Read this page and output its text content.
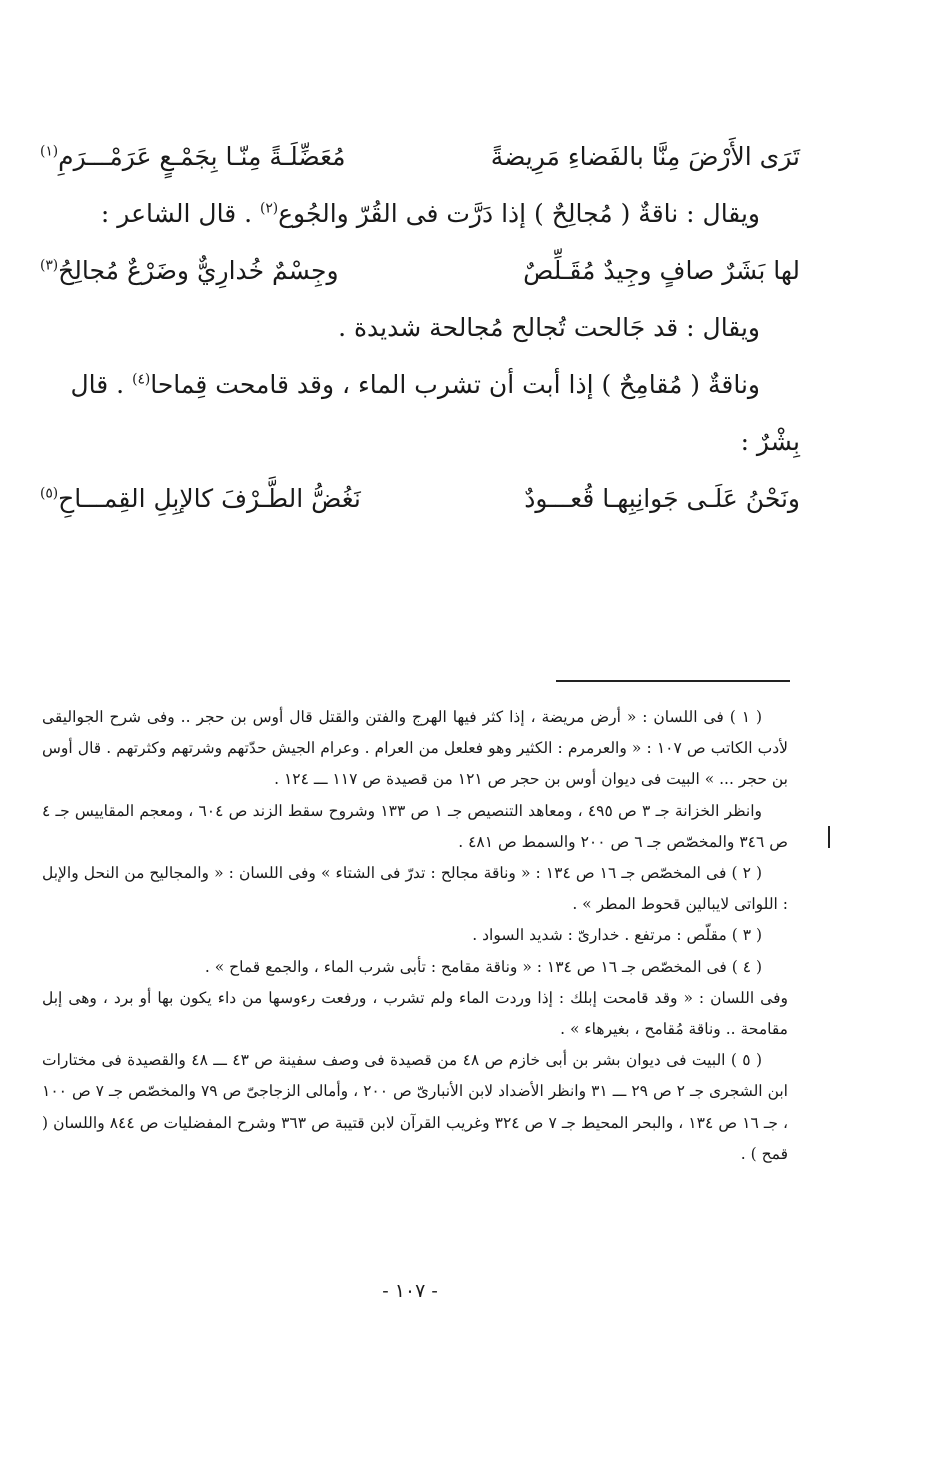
تَرَى الأَرْضَ مِنَّا بالفَضاءِ مَرِيضةً
مُعَضِّلَـةً مِنّـا بِجَمْـعٍ عَرَمْـــرَمِ$^{(١)}$
ويقال : ناقةٌ ( مُجالِحٌ ) إذا دَرَّت فى القُرّ والجُوع$^{(٢)}$ . قال الشاعر :
لها بَشَرٌ صافٍ وجِيدٌ مُقَـلِّصٌ
وجِسْمٌ خُدارِيٌّ وضَرْعٌ مُجالِحُ$^{(٣)}$
ويقال : قد جَالحت تُجالح مُجالحة شديدة .
وناقةٌ ( مُقامِحٌ ) إذا أبت أن تشرب الماء ، وقد قامحت قِماحا$^{(٤)}$ . قال بِشْرٌ :
ونَحْنُ عَلَـى جَوانِبِهـا قُعـــودٌ
نَغُضُّ الطَّـرْفَ كالإبِلِ القِمـــاحِ$^{(٥)}$

( ١ ) فى اللسان : « أرض مريضة ، إذا كثر فيها الهرج والفتن والقتل قال أوس بن حجر .. وفى شرح الجواليقى لأدب الكاتب ص ١٠٧ : « والعرمرم : الكثير وهو فعلعل من العرام . وعرام الجيش حدّتهم وشرتهم وكثرتهم . قال أوس بن حجر ... » البيت فى ديوان أوس بن حجر ص ١٢١ من قصيدة ص ١١٧ ـــ ١٢٤ .

وانظر الخزانة جـ ٣ ص ٤٩٥ ، ومعاهد التنصيص جـ ١ ص ١٣٣ وشروح سقط الزند ص ٦٠٤ ، ومعجم المقاييس جـ ٤ ص ٣٤٦ والمخصّص جـ ٦ ص ٢٠٠ والسمط ص ٤٨١ .

( ٢ ) فى المخصّص جـ ١٦ ص ١٣٤ : « وناقة مجالح : تدرّ فى الشتاء » وفى اللسان : « والمجاليح من النحل والإبل : اللواتى لايبالين قحوط المطر » .

( ٣ ) مقلّص : مرتفع . خدارىّ : شديد السواد .

( ٤ ) فى المخصّص جـ ١٦ ص ١٣٤ : « وناقة مقامح : تأبى شرب الماء ، والجمع قماح » .

وفى اللسان : « وقد قامحت إبلك : إذا وردت الماء ولم تشرب ، ورفعت رءوسها من داء يكون بها أو برد ، وهى إبل مقامحة .. وناقة مُقامح ، بغيرهاء » .

( ٥ ) البيت فى ديوان بشر بن أبى خازم ص ٤٨ من قصيدة فى وصف سفينة ص ٤٣ ـــ ٤٨ والقصيدة فى مختارات ابن الشجرى جـ ٢ ص ٢٩ ـــ ٣١ وانظر الأضداد لابن الأنبارىّ ص ٢٠٠ ، وأمالى الزجاجىّ ص ٧٩ والمخصّص جـ ٧ ص ١٠٠ ، جـ ١٦ ص ١٣٤ ، والبحر المحيط جـ ٧ ص ٣٢٤ وغريب القرآن لابن قتيبة ص ٣٦٣ وشرح المفضليات ص ٨٤٤ واللسان ( قمح ) .

- ١٠٧ -
